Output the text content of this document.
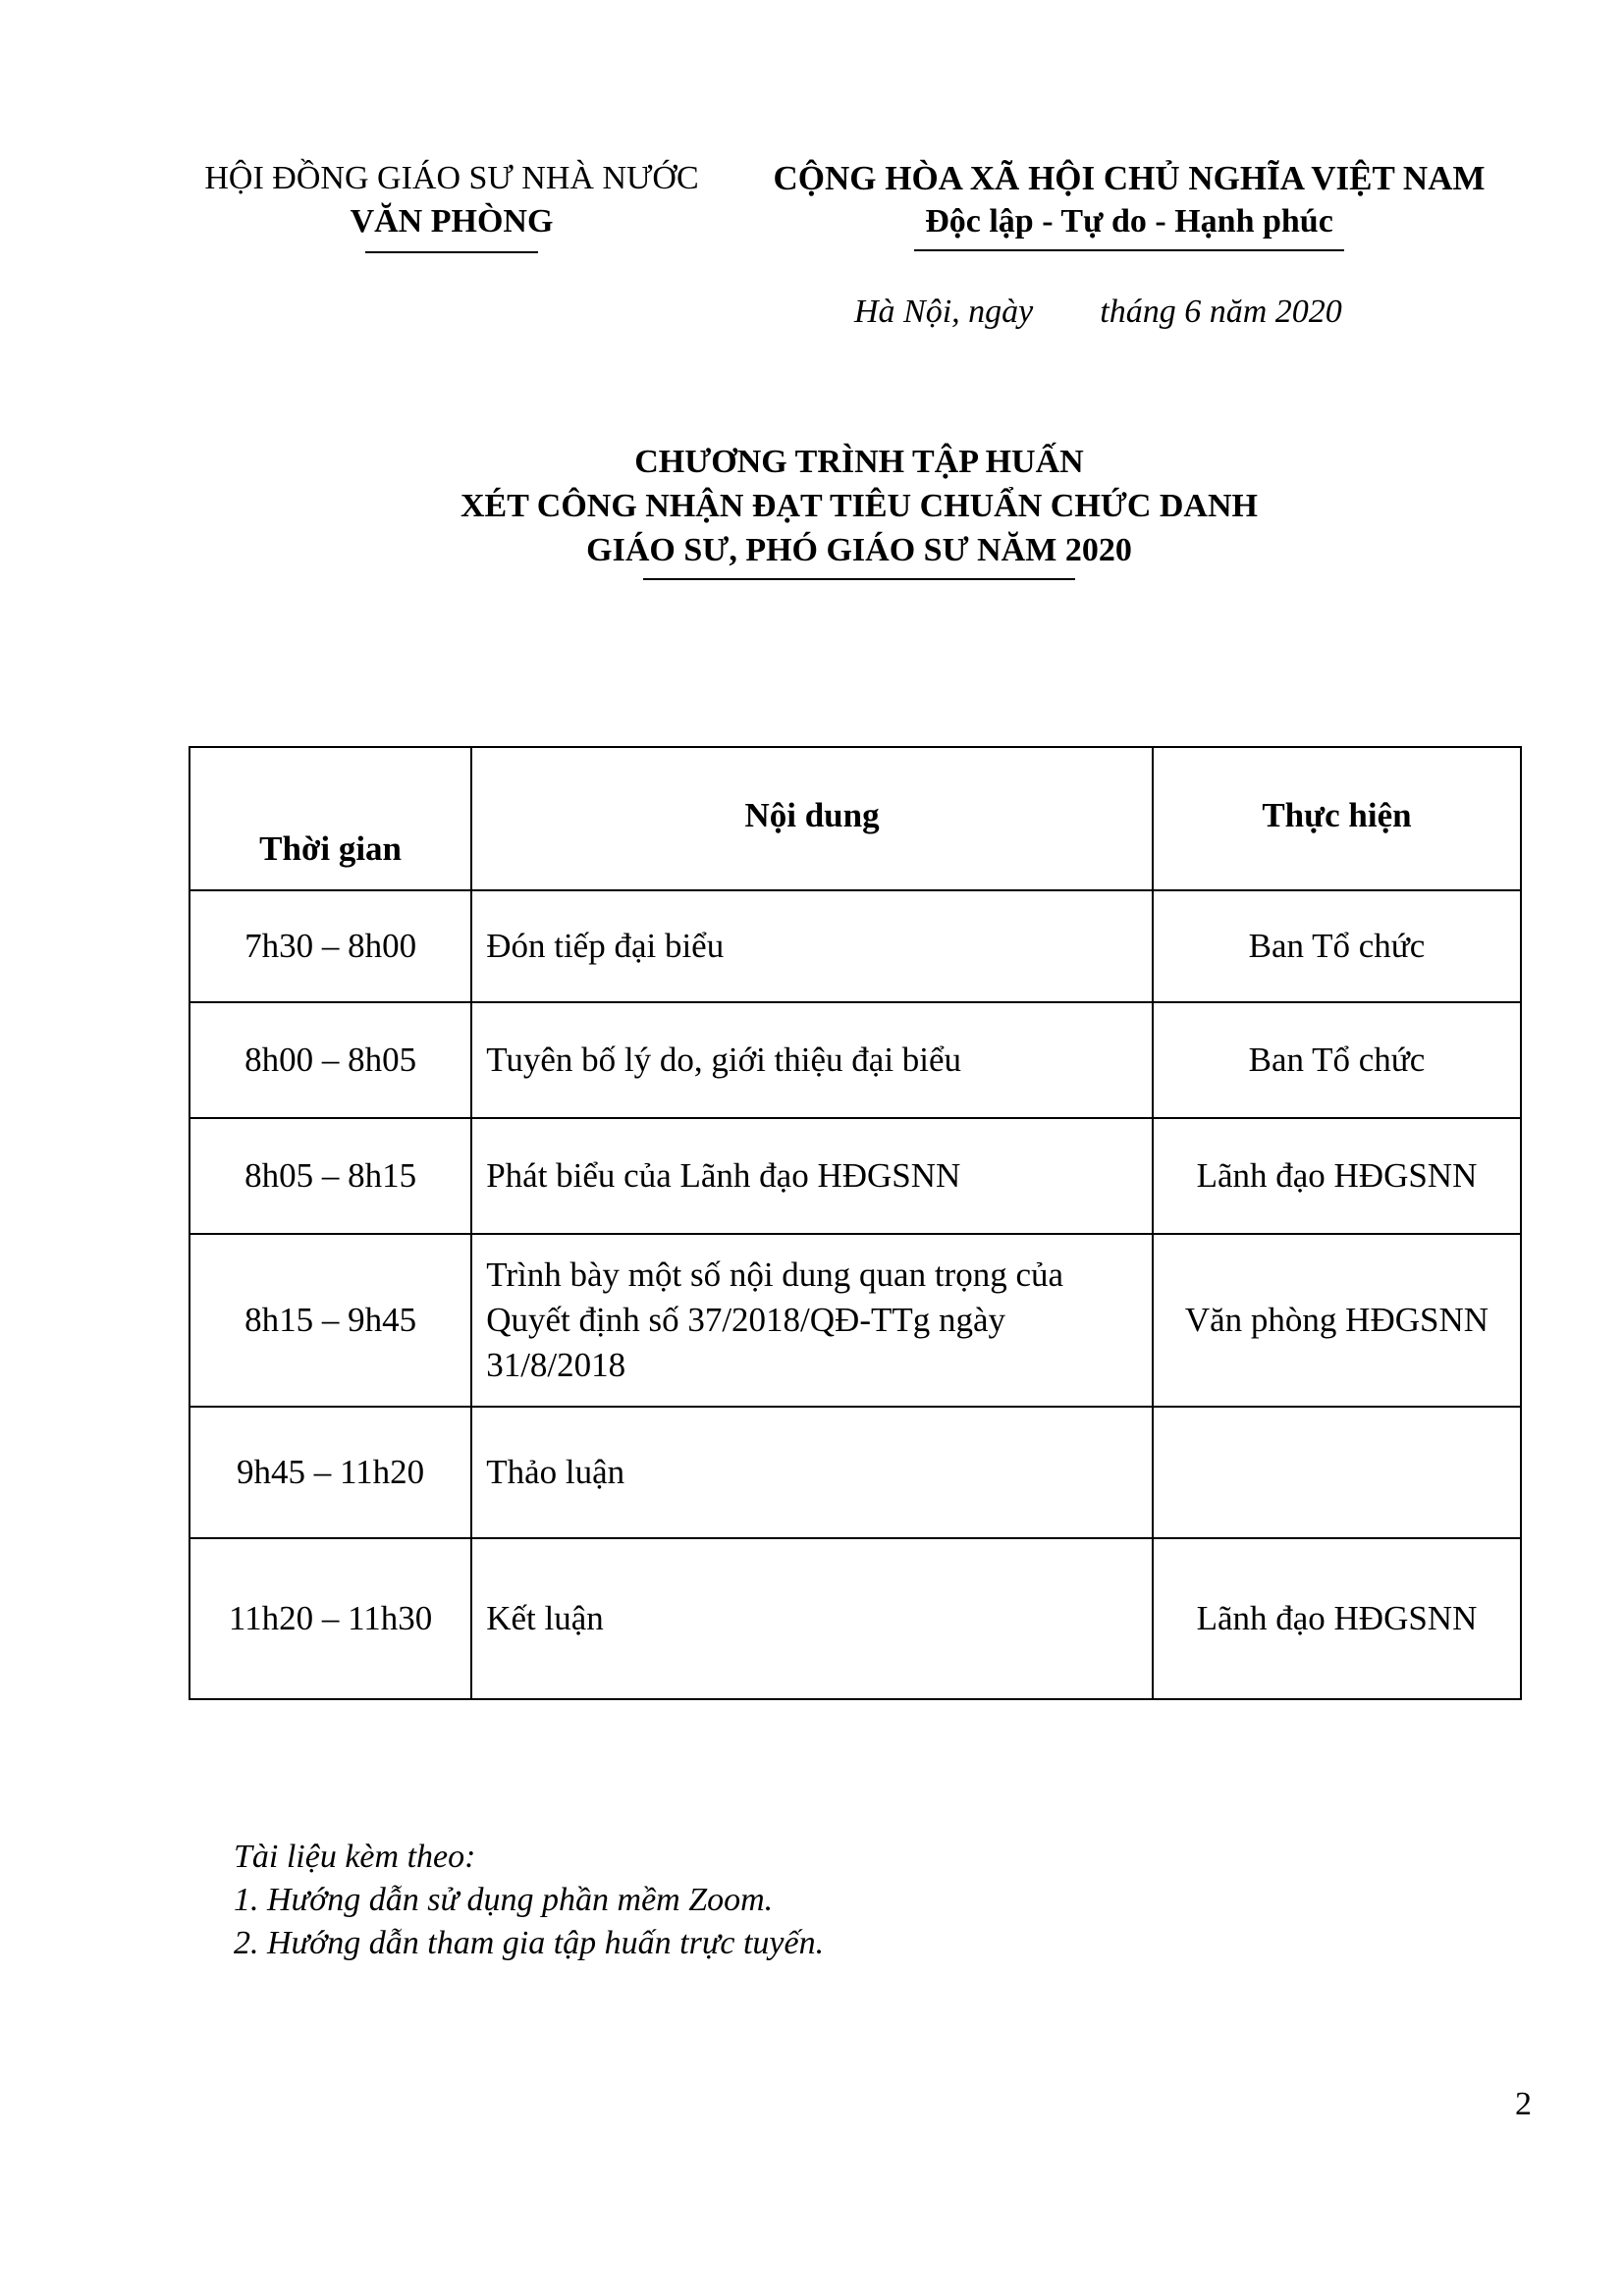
HỘI ĐỒNG GIÁO SƯ NHÀ NƯỚC
VĂN PHÒNG
CỘNG HÒA XÃ HỘI CHỦ NGHĨA VIỆT NAM
Độc lập - Tự do - Hạnh phúc
Hà Nội, ngày        tháng 6 năm 2020
CHƯƠNG TRÌNH TẬP HUẤN
XÉT CÔNG NHẬN ĐẠT TIÊU CHUẨN CHỨC DANH
GIÁO SƯ, PHÓ GIÁO SƯ NĂM 2020
Thời gian	Nội dung	Thực hiện
7h30 – 8h00	Đón tiếp đại biểu	Ban Tổ chức
8h00 – 8h05	Tuyên bố lý do, giới thiệu đại biểu	Ban Tổ chức
8h05 – 8h15	Phát biểu của Lãnh đạo HĐGSNN	Lãnh đạo HĐGSNN
8h15 – 9h45	Trình bày một số nội dung quan trọng của Quyết định số 37/2018/QĐ-TTg ngày 31/8/2018	Văn phòng HĐGSNN
9h45 – 11h20	Thảo luận	
11h20 – 11h30	Kết luận	Lãnh đạo HĐGSNN
Tài liệu kèm theo:
1. Hướng dẫn sử dụng phần mềm Zoom.
2. Hướng dẫn tham gia tập huấn trực tuyến.
2
